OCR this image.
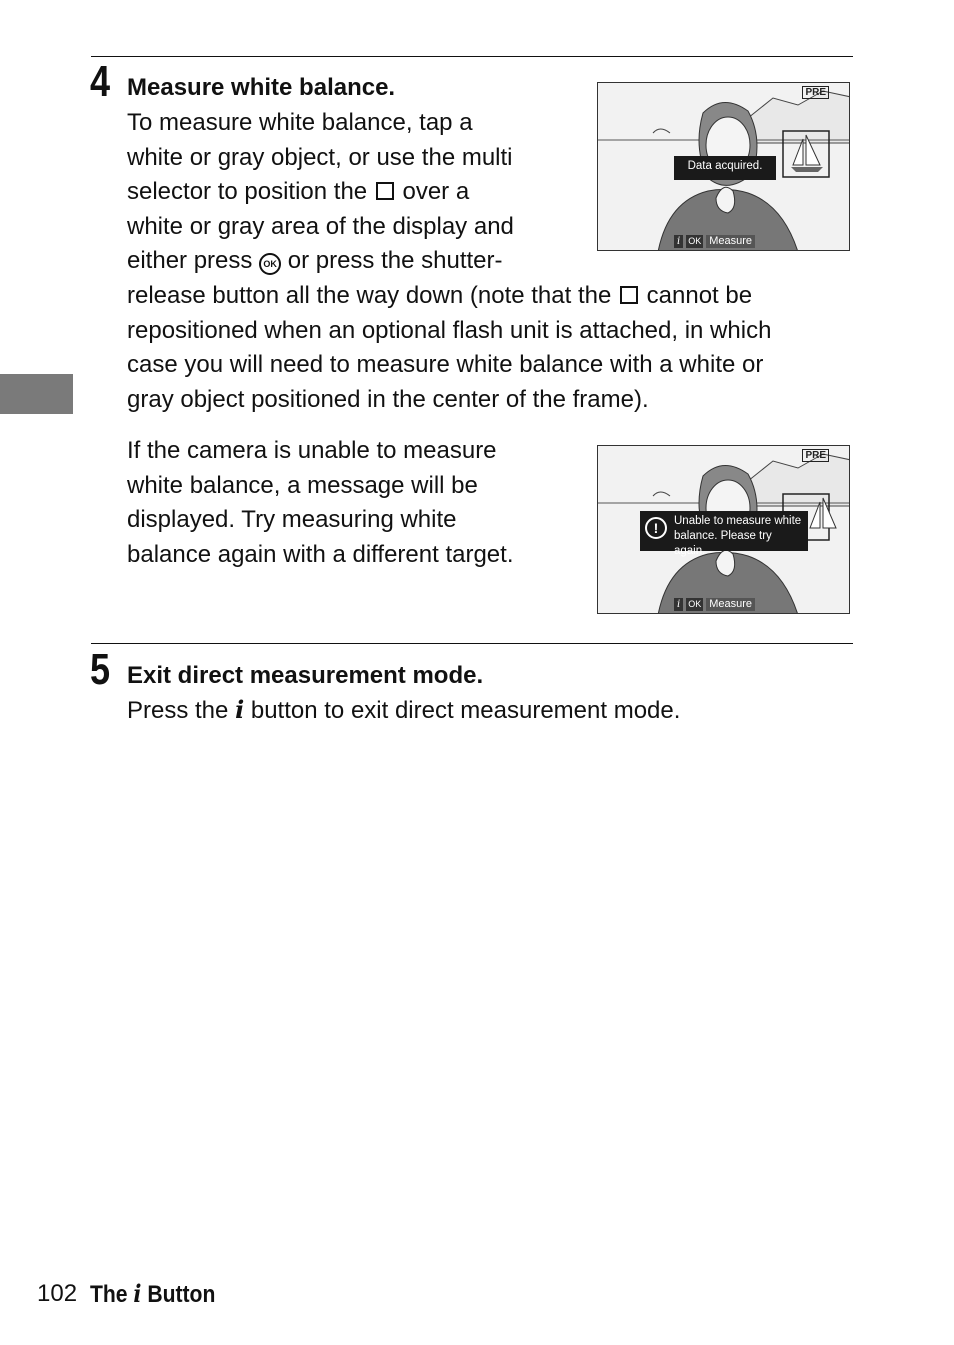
4 Measure white balance.
To measure white balance, tap a
white or gray object, or use the multi
selector to position the over a
white or gray area of the display and
either press OK or press the shutter-
release button all the way down (note that the cannot be
repositioned when an optional flash unit is attached, in which
case you will need to measure white balance with a white or
gray object positioned in the center of the frame).
PRE
Data acquired.
i OK Measure
If the camera is unable to measure
white balance, a message will be
displayed. Try measuring white
balance again with a different target.
PRE
!	Unable to measure white
balance. Please try again.
i OK Measure
5 Exit direct measurement mode.
Press the i button to exit direct measurement mode.
102 The i Button
